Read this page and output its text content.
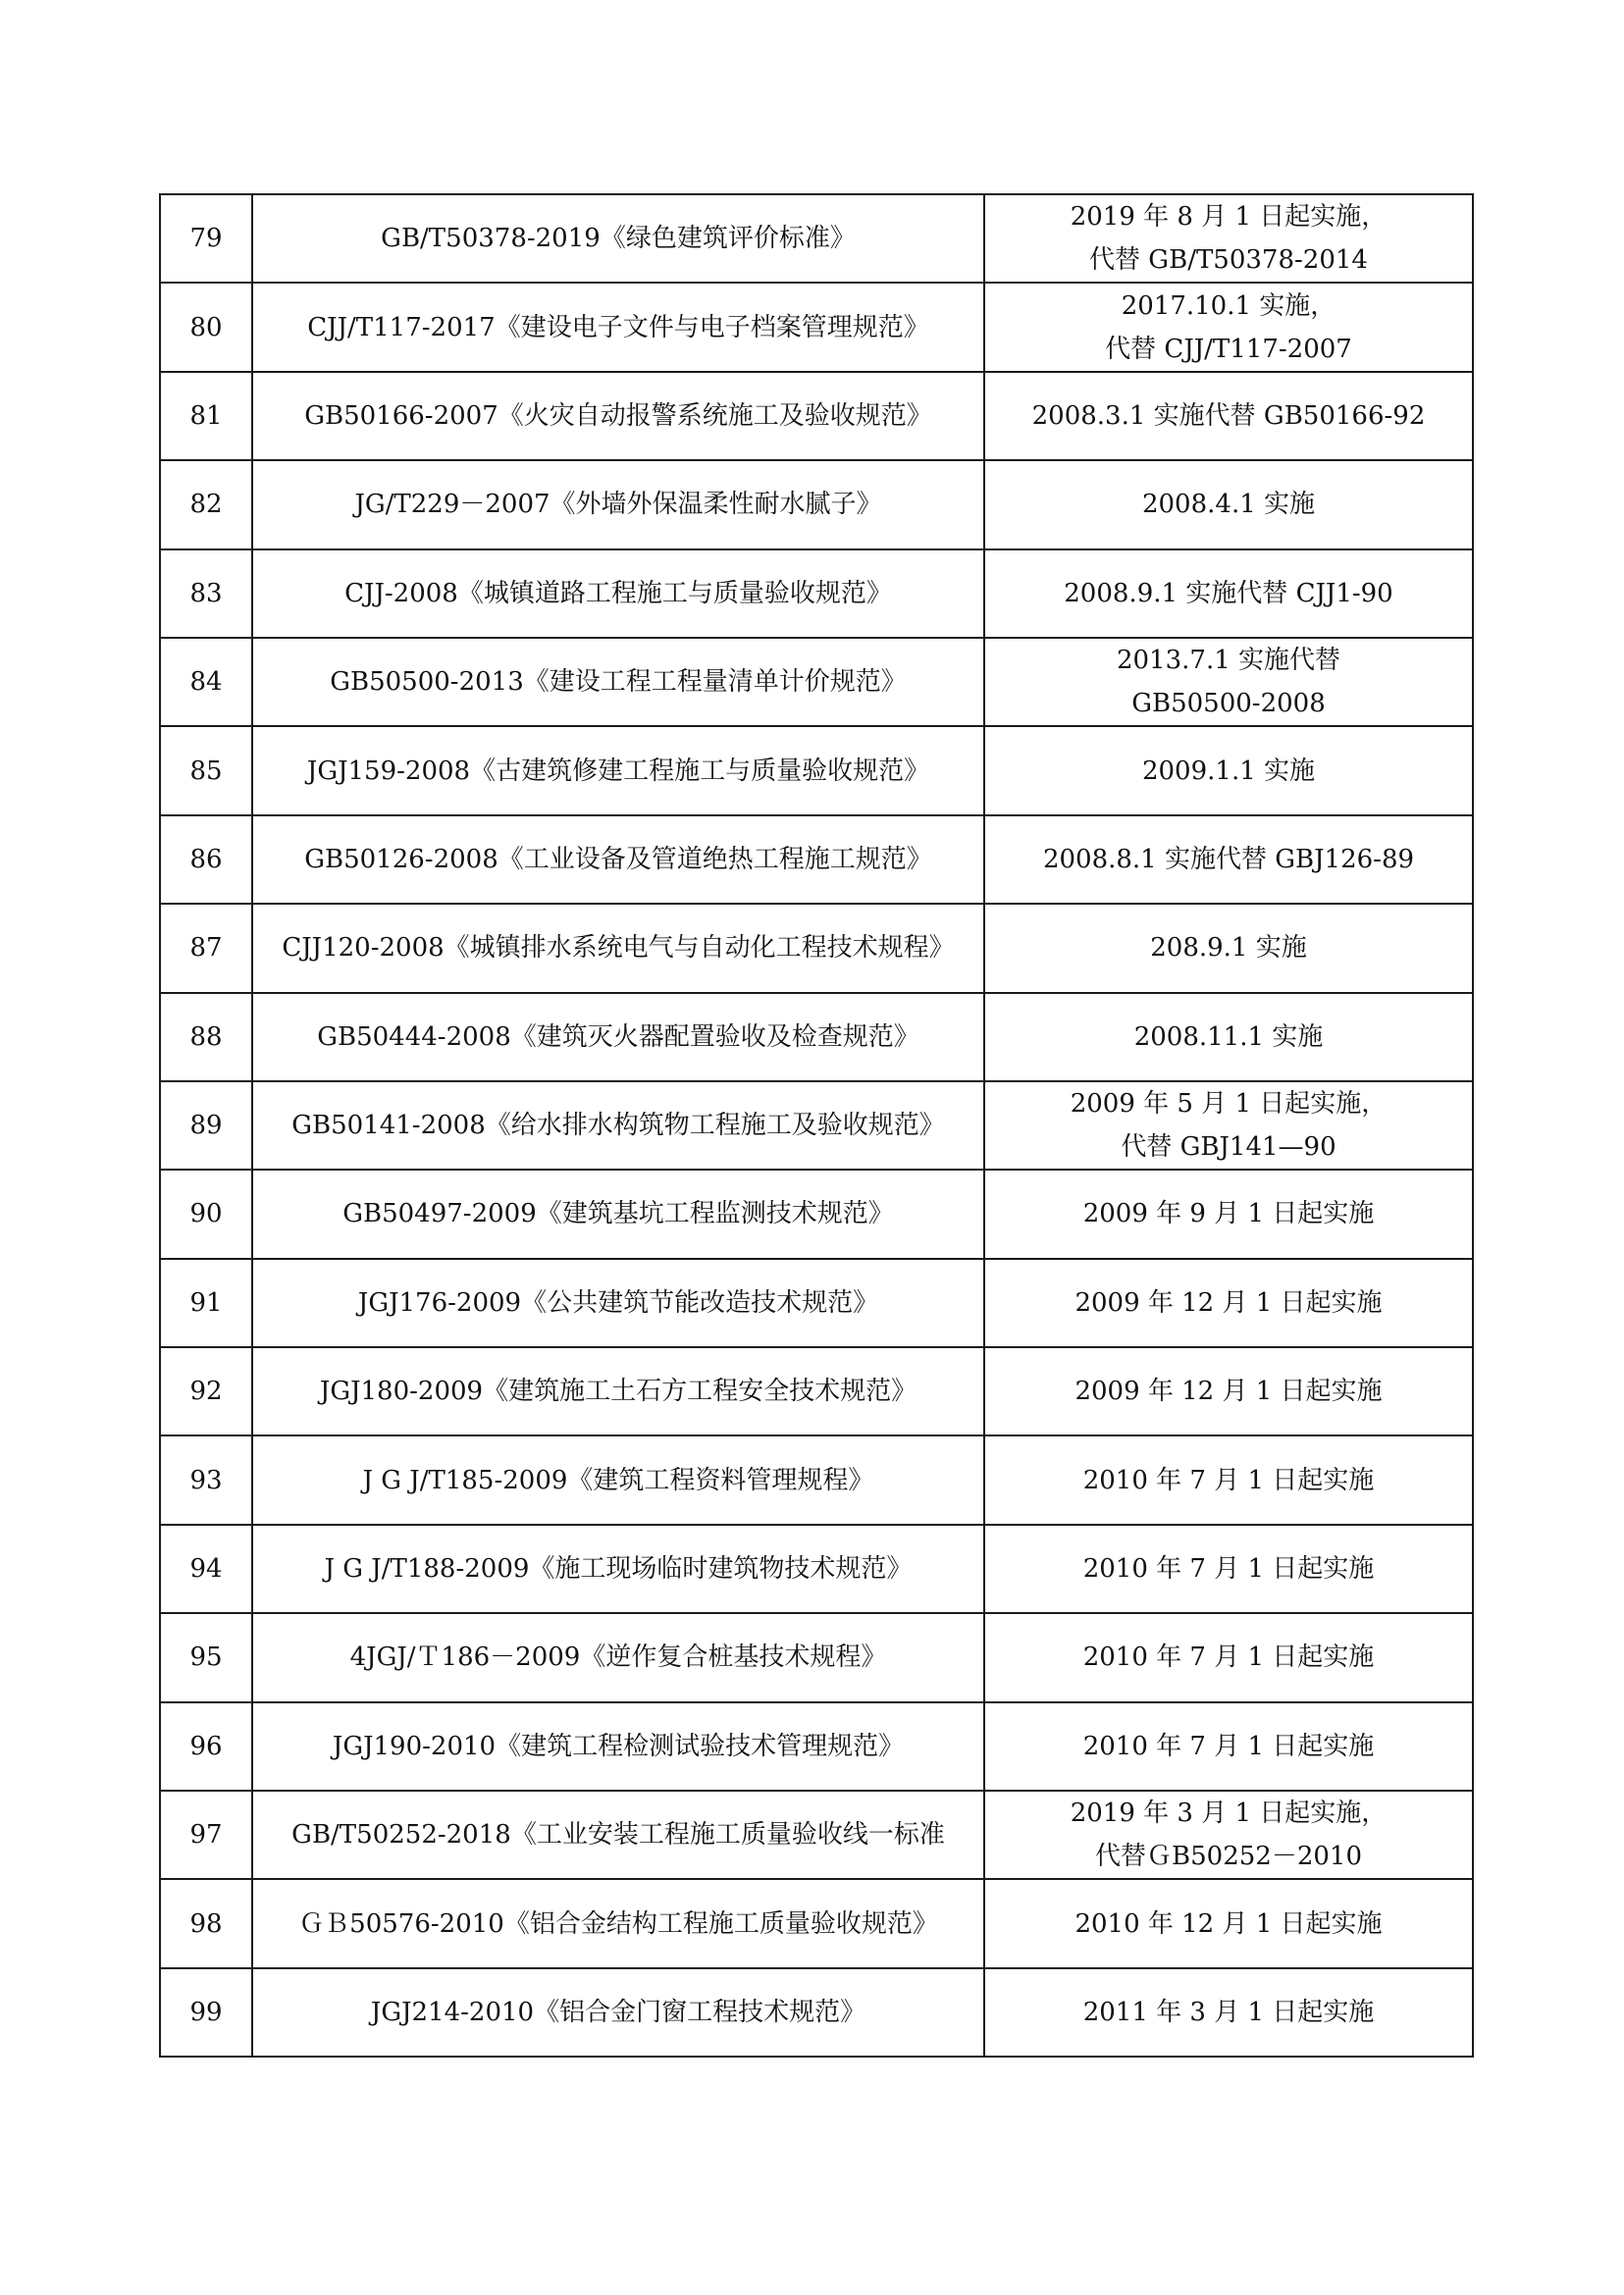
79	GB/T50378-2019《绿色建筑评价标准》	2019 年 8 月 1 日起实施，
代替 GB/T50378-2014

80	CJJ/T117-2017《建设电子文件与电子档案管理规范》	2017.10.1 实施，
代替 CJJ/T117-2007

81	GB50166-2007《火灾自动报警系统施工及验收规范》	2008.3.1 实施代替 GB50166-92

82	JG/T229－2007《外墙外保温柔性耐水腻子》	2008.4.1 实施

83	CJJ-2008《城镇道路工程施工与质量验收规范》	2008.9.1 实施代替 CJJ1-90

84	GB50500-2013《建设工程工程量清单计价规范》	2013.7.1 实施代替
GB50500-2008

85	JGJ159-2008《古建筑修建工程施工与质量验收规范》	2009.1.1 实施

86	GB50126-2008《工业设备及管道绝热工程施工规范》	2008.8.1 实施代替 GBJ126-89

87	CJJ120-2008《城镇排水系统电气与自动化工程技术规程》	208.9.1 实施

88	GB50444-2008《建筑灭火器配置验收及检查规范》	2008.11.1 实施

89	GB50141-2008《给水排水构筑物工程施工及验收规范》	2009 年 5 月 1 日起实施，
代替 GBJ141—90

90	GB50497-2009《建筑基坑工程监测技术规范》	2009 年 9 月 1 日起实施

91	JGJ176-2009《公共建筑节能改造技术规范》	2009 年 12 月 1 日起实施

92	JGJ180-2009《建筑施工土石方工程安全技术规范》	2009 年 12 月 1 日起实施

93	J G J/T185-2009《建筑工程资料管理规程》	2010 年 7 月 1 日起实施

94	J G J/T188-2009《施工现场临时建筑物技术规范》	2010 年 7 月 1 日起实施

95	4JGJ/Ｔ186－2009《逆作复合桩基技术规程》	2010 年 7 月 1 日起实施

96	JGJ190-2010《建筑工程检测试验技术管理规范》	2010 年 7 月 1 日起实施

97	GB/T50252-2018《工业安装工程施工质量验收线一标准	2019 年 3 月 1 日起实施，
代替ＧB50252－2010

98	ＧＢ50576-2010《铝合金结构工程施工质量验收规范》	2010 年 12 月 1 日起实施

99	JGJ214-2010《铝合金门窗工程技术规范》	2011 年 3 月 1 日起实施
